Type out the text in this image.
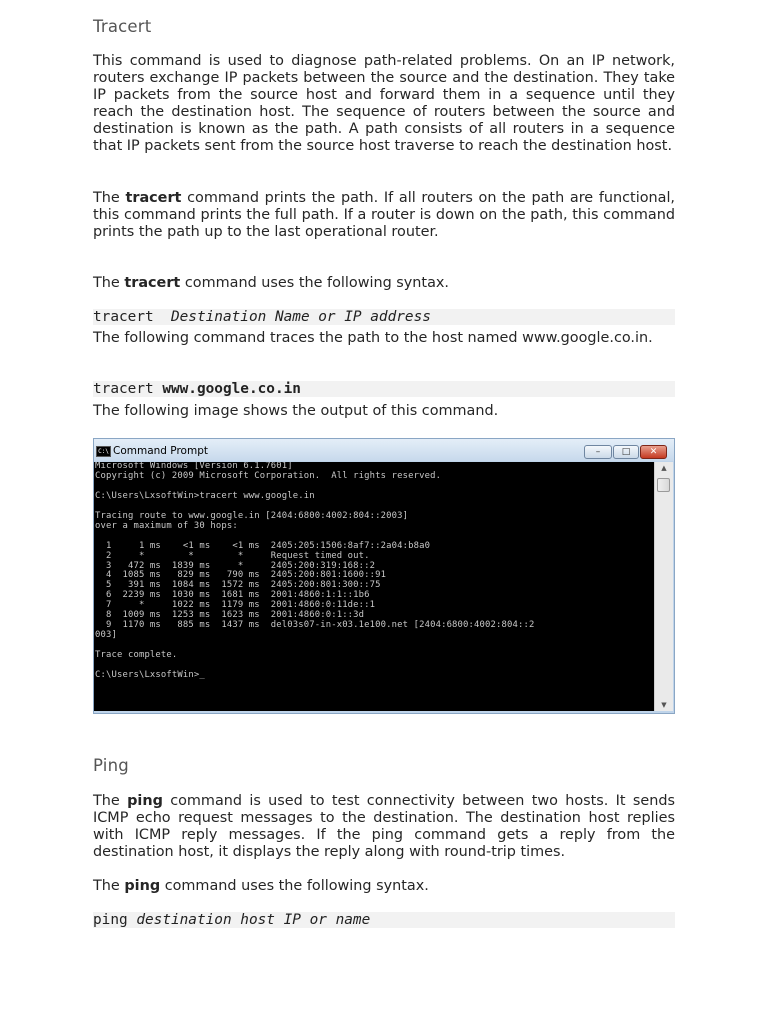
Tracert

This command is used to diagnose path-related problems. On an IP network, routers exchange IP packets between the source and the destination. They take IP packets from the source host and forward them in a sequence until they reach the destination host. The sequence of routers between the source and destination is known as the path. A path consists of all routers in a sequence that IP packets sent from the source host traverse to reach the destination host.

The tracert command prints the path. If all routers on the path are functional, this command prints the full path. If a router is down on the path, this command prints the path up to the last operational router.

The tracert command uses the following syntax.

tracert  Destination Name or IP address

The following command traces the path to the host named www.google.co.in.

tracert www.google.co.in

The following image shows the output of this command.

C:\ Command Prompt	–	□	✕
Microsoft Windows [Version 6.1.7601]
Copyright (c) 2009 Microsoft Corporation.  All rights reserved.

C:\Users\LxsoftWin>tracert www.google.in

Tracing route to www.google.in [2404:6800:4002:804::2003]
over a maximum of 30 hops:

1     1 ms    <1 ms    <1 ms  2405:205:1506:8af7::2a04:b8a0
2     *        *        *     Request timed out.
3   472 ms  1839 ms     *     2405:200:319:168::2
4  1085 ms   829 ms   790 ms  2405:200:801:1600::91
5   391 ms  1084 ms  1572 ms  2405:200:801:300::75
6  2239 ms  1030 ms  1681 ms  2001:4860:1:1::1b6
7     *     1022 ms  1179 ms  2001:4860:0:11de::1
8  1009 ms  1253 ms  1623 ms  2001:4860:0:1::3d
9  1170 ms   885 ms  1437 ms  del03s07-in-x03.1e100.net [2404:6800:4002:804::2
003]

Trace complete.

C:\Users\LxsoftWin>_
▲
▼
Ping

The ping command is used to test connectivity between two hosts. It sends ICMP echo request messages to the destination. The destination host replies with ICMP reply messages. If the ping command gets a reply from the destination host, it displays the reply along with round-trip times.

The ping command uses the following syntax.

ping destination host IP or name
